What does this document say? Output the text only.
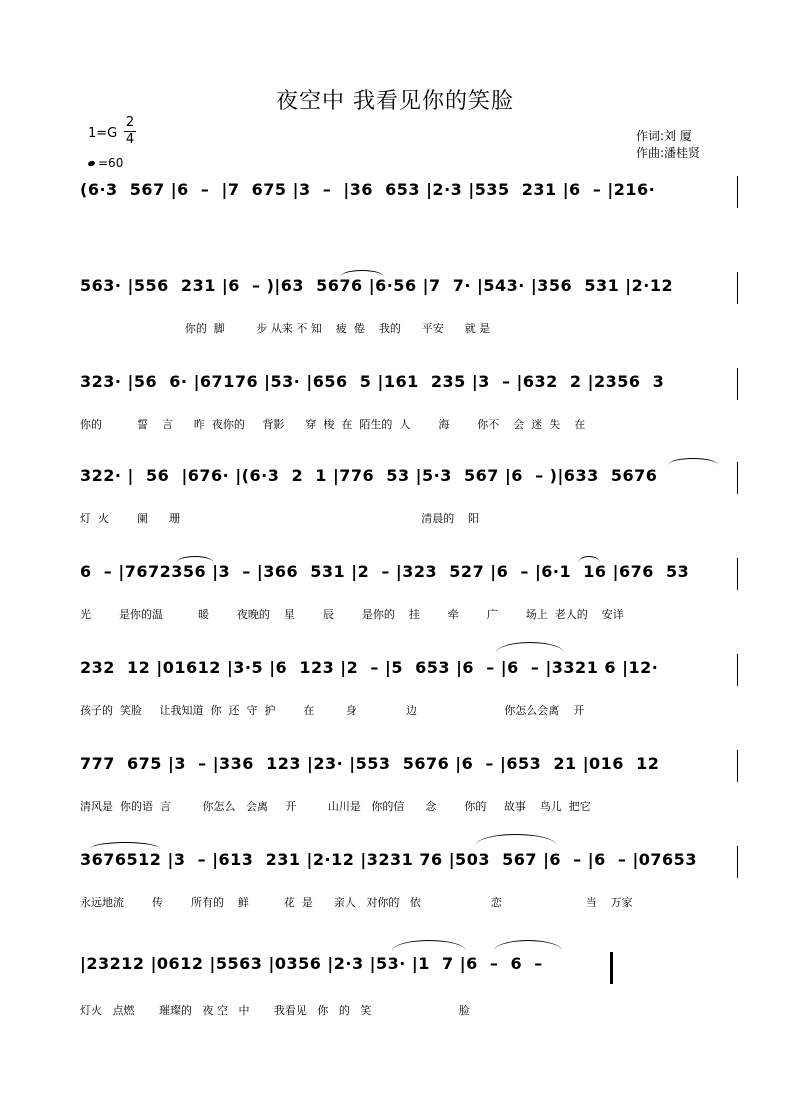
夜空中 我看见你的笑脸
1=G
2
4
=60
作词:刘 厦
作曲:潘桂贤
(6·3  567 |6  –  |7  675 |3  –  |36  653 |2·3 |535  231 |6  – |216·
563· |556  231 |6  – )|63  5676 |6·56 |7  7· |543· |356  531 |2·12
你的  脚         步 从来 不 知    疲  倦    我的      平安      就 是
323· |56  6· |67176 |53· |656  5 |161  235 |3  – |632  2 |2356  3
你的          誓    言      昨  夜你的     背影      穿  梭  在  陌生的  人        海        你不    会  迷  失    在
322· |  56  |676· |(6·3  2  1 |776  53 |5·3  567 |6  – )|633  5676
灯  火        阑      珊                                                                     清晨的    阳
6  – |7672356 |3  – |366  531 |2  – |323  527 |6  – |6·1  16 |676  53
光        是你的温          暖        夜晚的    星        辰        是你的    挂        牵        广        场上  老人的    安详
232  12 |01612 |3·5 |6  123 |2  – |5  653 |6  – |6  – |3321 6 |12·
孩子的  笑脸     让我知道  你  还  守  护        在         身              边                         你怎么会离    开
777  675 |3  – |336  123 |23· |553  5676 |6  – |653  21 |016  12
清风是  你的语  言         你怎么   会离     开         山川是   你的信      念        你的     故事    鸟儿  把它
3676512 |3  – |613  231 |2·12 |3231 76 |503  567 |6  – |6  – |07653
永远地流        传        所有的    鲜          花  是      亲人   对你的   依                    恋                        当    万家
|23212 |0612 |5563 |0356 |2·3 |53· |1  7 |6  –  6  –
灯火   点燃       璀璨的   夜 空   中       我看见   你   的   笑                         脸
